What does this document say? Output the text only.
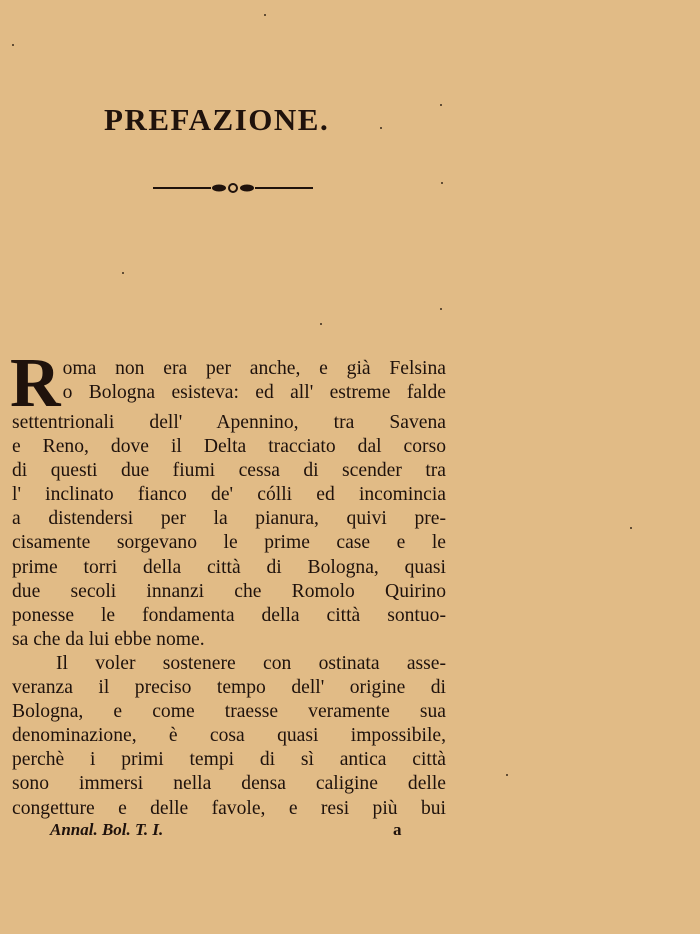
PREFAZIONE.
R oma non era per anche, e già Felsina
o Bologna esisteva: ed all' estreme falde
settentrionali dell' Apennino, tra Savena
e Reno, dove il Delta tracciato dal corso
di questi due fiumi cessa di scender tra
l' inclinato fianco de' cólli ed incomincia
a distendersi per la pianura, quivi pre-
cisamente sorgevano le prime case e le
prime torri della città di Bologna, quasi
due secoli innanzi che Romolo Quirino
ponesse le fondamenta della città sontuo-
sa che da lui ebbe nome.
Il voler sostenere con ostinata asse-
veranza il preciso tempo dell' origine di
Bologna, e come traesse veramente sua
denominazione, è cosa quasi impossibile,
perchè i primi tempi di sì antica città
sono immersi nella densa caligine delle
congetture e delle favole, e resi più bui
Annal. Bol. T. I.	a
